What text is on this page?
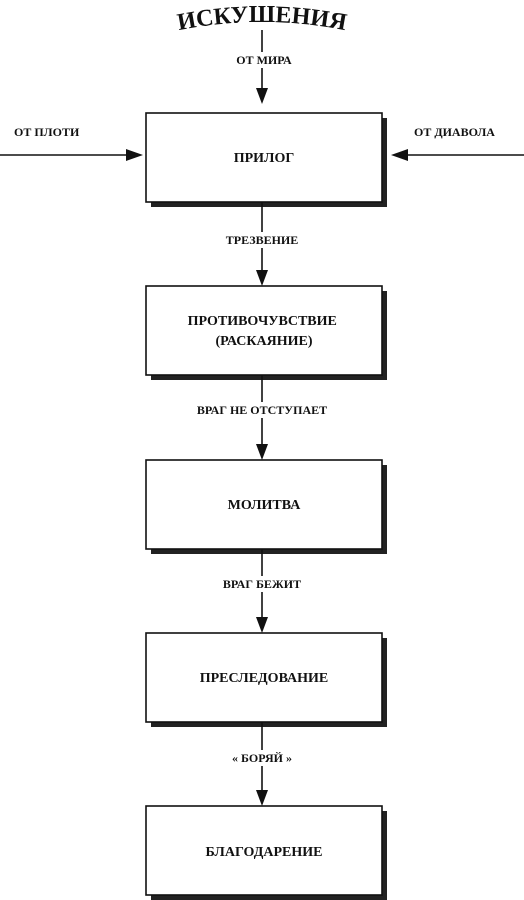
ИСКУШЕНИЯ
ОТ МИРА
ОТ ПЛОТИ	ОТ ДИАВОЛА
ПРИЛОГ
ПРОТИВОЧУВСТВИЕ (РАСКАЯНИЕ)
МОЛИТВА
ПРЕСЛЕДОВАНИЕ
БЛАГОДАРЕНИЕ
ТРЕЗВЕНИЕ
ВРАГ НЕ ОТСТУПАЕТ
ВРАГ БЕЖИТ
« БОРЯЙ »
